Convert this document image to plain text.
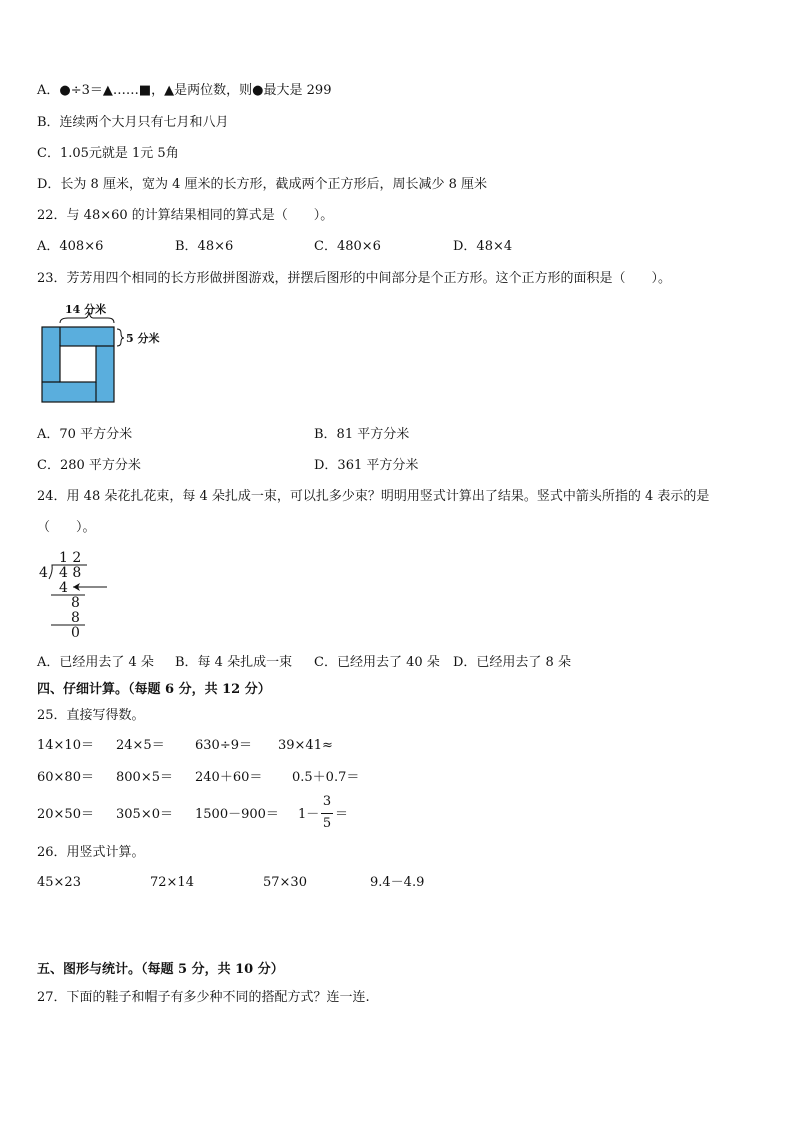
A．●÷3＝▲……■，▲是两位数，则●最大是 299
B．连续两个大月只有七月和八月
C．1.05元就是 1元 5角
D．长为 8 厘米，宽为 4 厘米的长方形，截成两个正方形后，周长减少 8 厘米
22．与 48×60 的计算结果相同的算式是（　　）。
A．408×6	B．48×6	C．480×6	D．48×4
23．芳芳用四个相同的长方形做拼图游戏，拼摆后图形的中间部分是个正方形。这个正方形的面积是（　　）。
14 分米
5 分米
A．70 平方分米	B．81 平方分米
C．280 平方分米	D．361 平方分米
24．用 48 朵花扎花束，每 4 朵扎成一束，可以扎多少束？明明用竖式计算出了结果。竖式中箭头所指的 4 表示的是
（　　）。
1 2
4 4 8
4
8
8
0
A．已经用去了 4 朵 B．每 4 朵扎成一束 C．已经用去了 40 朵 D．已经用去了 8 朵
四、仔细计算。（每题 6 分，共 12 分）
25．直接写得数。
14×10＝ 24×5＝ 630÷9＝ 39×41≈
60×80＝ 800×5＝ 240＋60＝ 0.5＋0.7＝
20×50＝ 305×0＝ 1500－900＝ 1－
3
5
＝
26．用竖式计算。
45×23	72×14	57×30	9.4－4.9
五、图形与统计。（每题 5 分，共 10 分）
27．下面的鞋子和帽子有多少种不同的搭配方式？连一连.
